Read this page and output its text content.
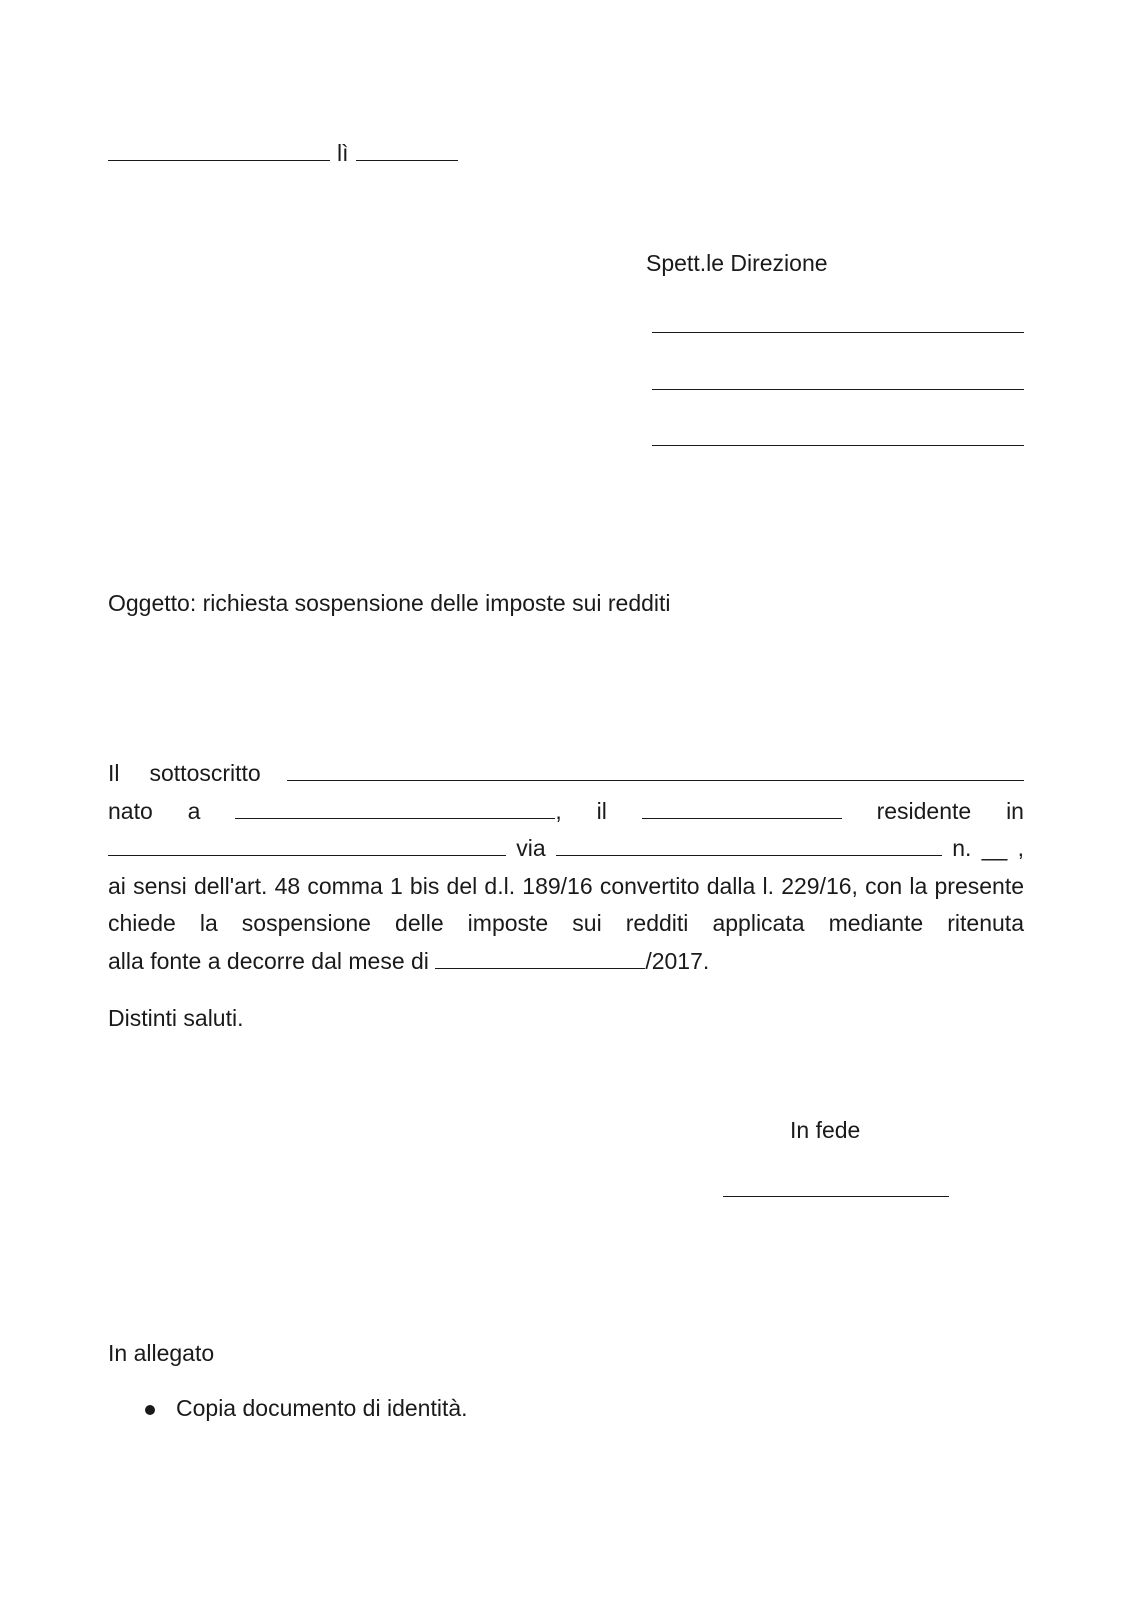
lì
Spett.le Direzione
Oggetto: richiesta sospensione delle imposte sui redditi
Il sottoscritto
nato a	, il	residente in
via	n. __ ,
ai sensi dell'art. 48 comma 1 bis del d.l. 189/16 convertito dalla l. 229/16, con la presente chiede la sospensione delle imposte sui redditi applicata mediante ritenuta
alla fonte a decorre dal mese di	/2017.
Distinti saluti.
In fede
In allegato
Copia documento di identità.
